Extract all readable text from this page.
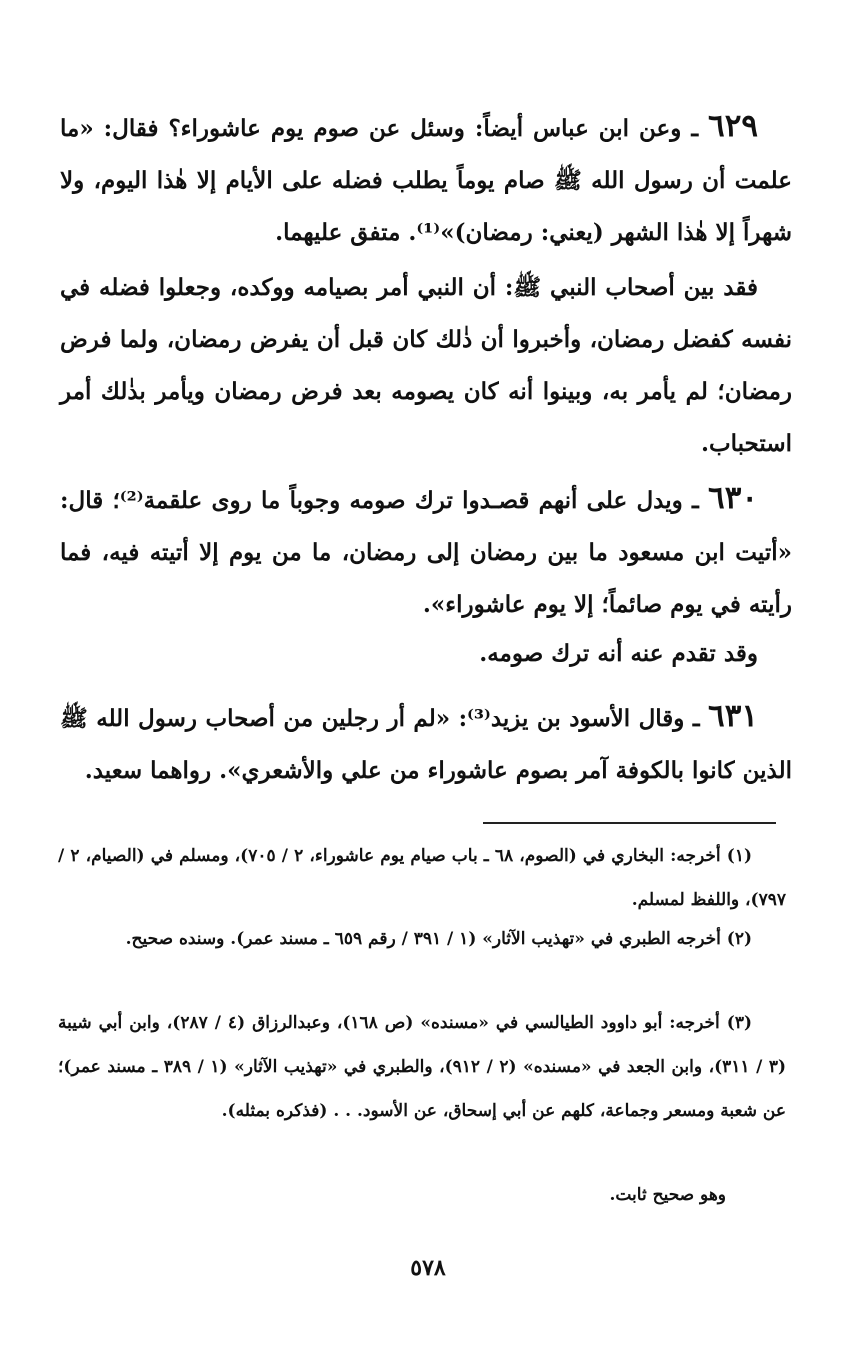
٦٢٩ ـ وعن ابن عباس أيضاً: وسئل عن صوم يوم عاشوراء؟ فقال: «ما علمت أن رسول الله ﷺ صام يوماً يطلب فضله على الأيام إلا هٰذا اليوم، ولا شهراً إلا هٰذا الشهر (يعني: رمضان)»⁽¹⁾. متفق عليهما.
فقد بين أصحاب النبي ﷺ: أن النبي أمر بصيامه ووكده، وجعلوا فضله في نفسه كفضل رمضان، وأخبروا أن ذٰلك كان قبل أن يفرض رمضان، ولما فرض رمضان؛ لم يأمر به، وبينوا أنه كان يصومه بعد فرض رمضان ويأمر بذٰلك أمر استحباب.
٦٣٠ ـ ويدل على أنهم قصـدوا ترك صومه وجوباً ما روى علقمة⁽²⁾؛ قال: «أتيت ابن مسعود ما بين رمضان إلى رمضان، ما من يوم إلا أتيته فيه، فما رأيته في يوم صائماً؛ إلا يوم عاشوراء».
وقد تقدم عنه أنه ترك صومه.
٦٣١ ـ وقال الأسود بن يزيد⁽³⁾: «لم أر رجلين من أصحاب رسول الله ﷺ الذين كانوا بالكوفة آمر بصوم عاشوراء من علي والأشعري». رواهما سعيد.
(١) أخرجه: البخاري في (الصوم، ٦٨ ـ باب صيام يوم عاشوراء، ٢ / ٧٠٥)، ومسلم في (الصيام، ٢ / ٧٩٧)، واللفظ لمسلم.
(٢) أخرجه الطبري في «تهذيب الآثار» (١ / ٣٩١ / رقم ٦٥٩ ـ مسند عمر). وسنده صحيح.
(٣) أخرجه: أبو داوود الطيالسي في «مسنده» (ص ١٦٨)، وعبدالرزاق (٤ / ٢٨٧)، وابن أبي شيبة (٣ / ٣١١)، وابن الجعد في «مسنده» (٢ / ٩١٢)، والطبري في «تهذيب الآثار» (١ / ٣٨٩ ـ مسند عمر)؛ عن شعبة ومسعر وجماعة، كلهم عن أبي إسحاق، عن الأسود. . . (فذكره بمثله).
وهو صحيح ثابت.
٥٧٨
